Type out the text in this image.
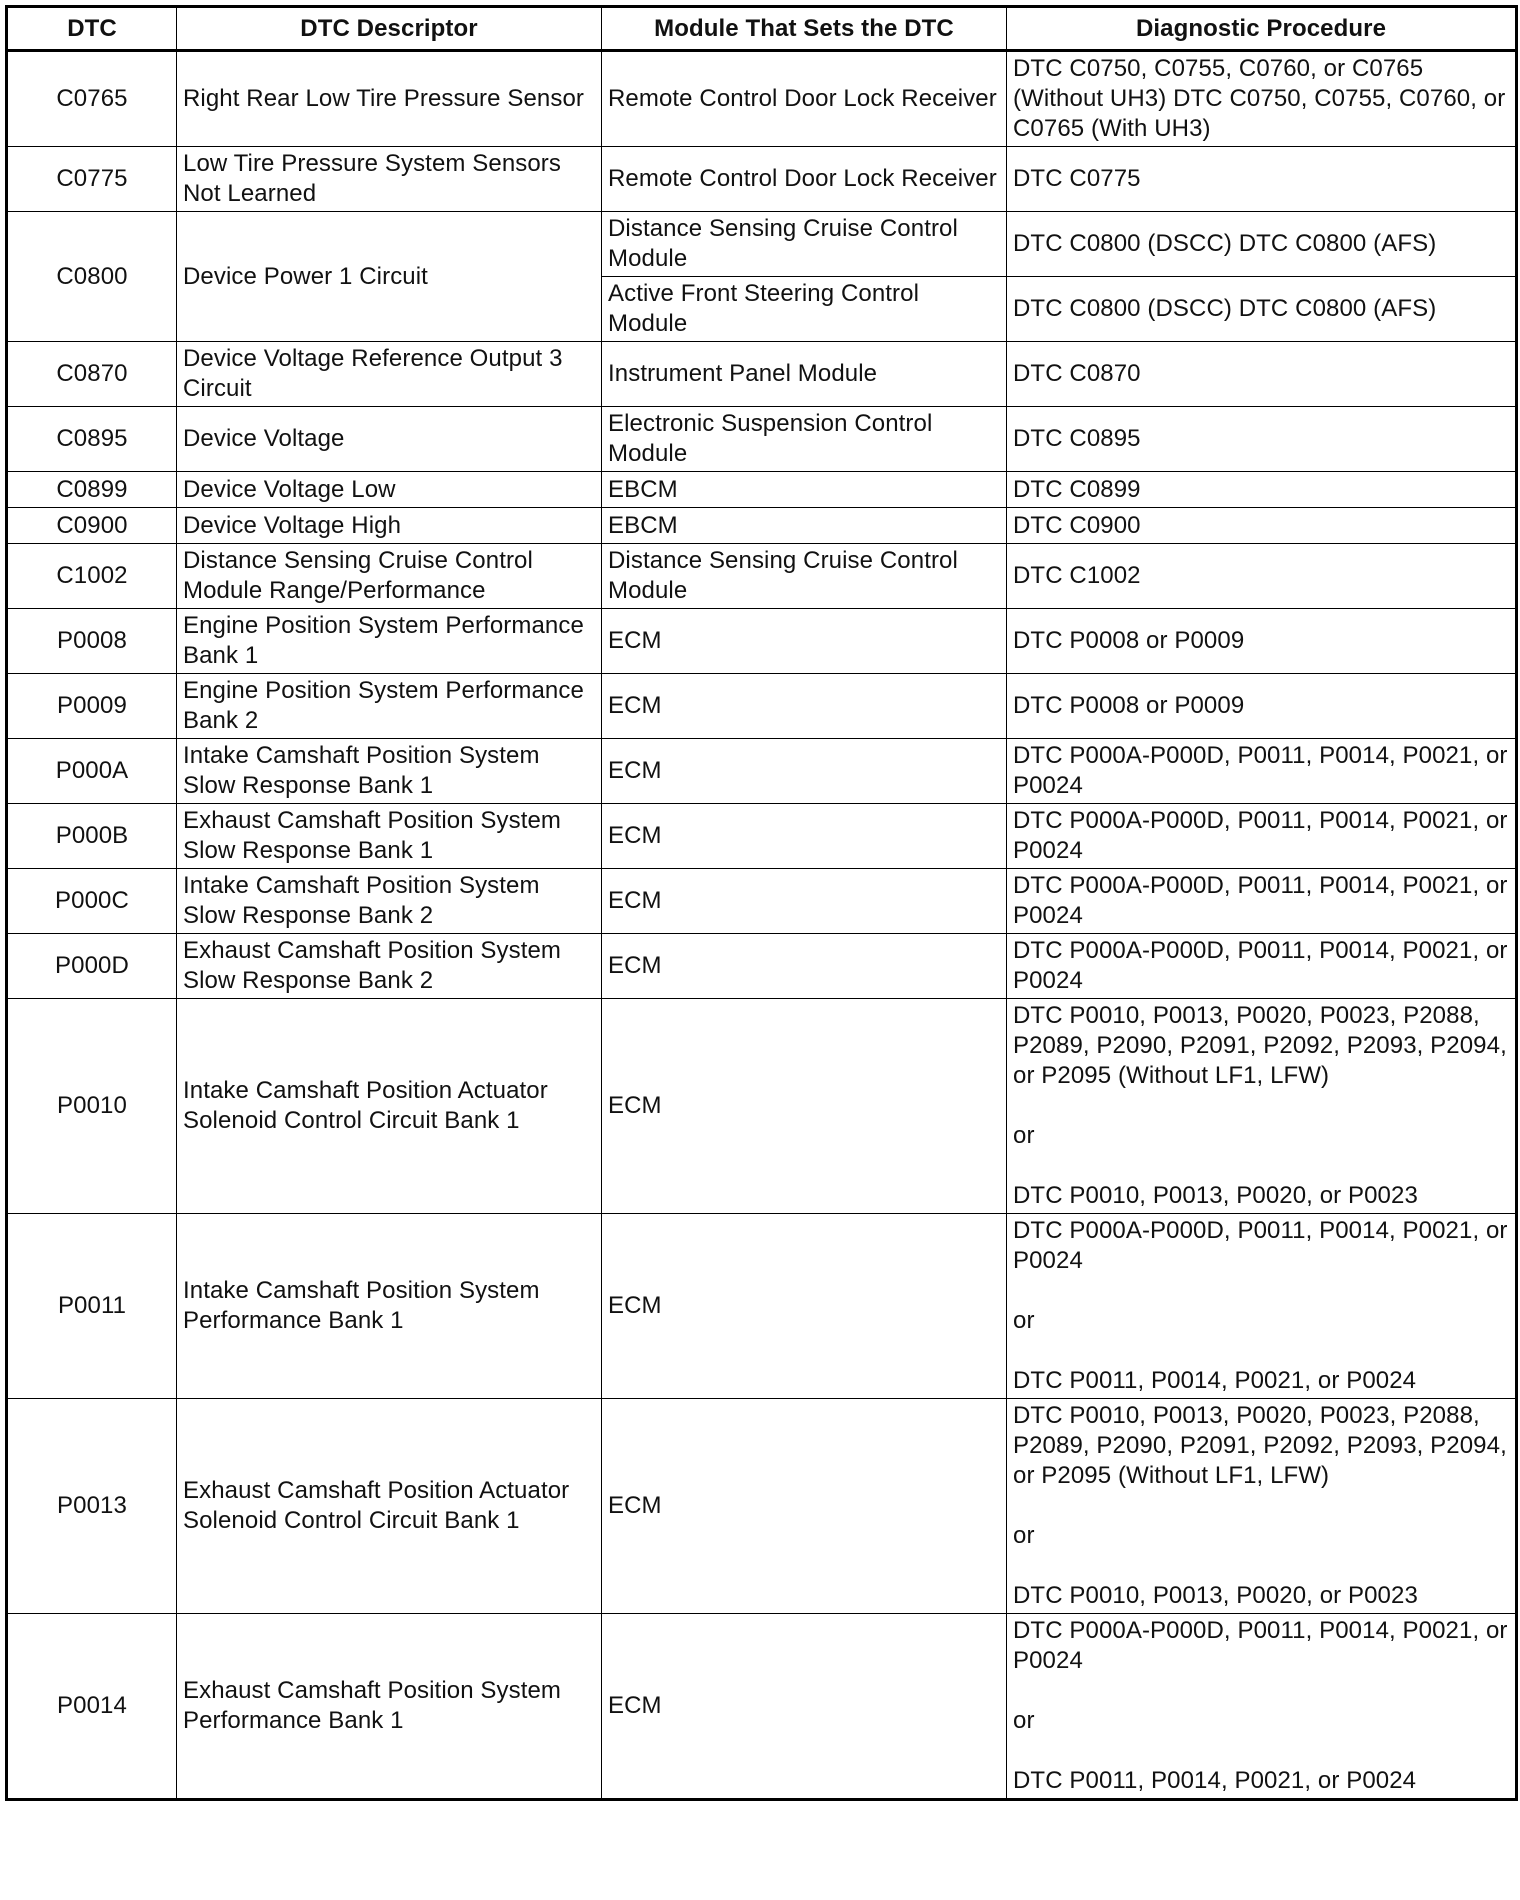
DTC	DTC Descriptor	Module That Sets the DTC	Diagnostic Procedure
C0765	Right Rear Low Tire Pressure Sensor	Remote Control Door Lock Receiver	DTC C0750, C0755, C0760, or C0765 (Without UH3) DTC C0750, C0755, C0760, or C0765 (With UH3)
C0775	Low Tire Pressure System Sensors Not Learned	Remote Control Door Lock Receiver	DTC C0775
C0800	Device Power 1 Circuit	Distance Sensing Cruise Control Module	DTC C0800 (DSCC) DTC C0800 (AFS)
		Active Front Steering Control Module	DTC C0800 (DSCC) DTC C0800 (AFS)
C0870	Device Voltage Reference Output 3 Circuit	Instrument Panel Module	DTC C0870
C0895	Device Voltage	Electronic Suspension Control Module	DTC C0895
C0899	Device Voltage Low	EBCM	DTC C0899
C0900	Device Voltage High	EBCM	DTC C0900
C1002	Distance Sensing Cruise Control Module Range/Performance	Distance Sensing Cruise Control Module	DTC C1002
P0008	Engine Position System Performance Bank 1	ECM	DTC P0008 or P0009
P0009	Engine Position System Performance Bank 2	ECM	DTC P0008 or P0009
P000A	Intake Camshaft Position System Slow Response Bank 1	ECM	DTC P000A-P000D, P0011, P0014, P0021, or P0024
P000B	Exhaust Camshaft Position System Slow Response Bank 1	ECM	DTC P000A-P000D, P0011, P0014, P0021, or P0024
P000C	Intake Camshaft Position System Slow Response Bank 2	ECM	DTC P000A-P000D, P0011, P0014, P0021, or P0024
P000D	Exhaust Camshaft Position System Slow Response Bank 2	ECM	DTC P000A-P000D, P0011, P0014, P0021, or P0024
P0010	Intake Camshaft Position Actuator Solenoid Control Circuit Bank 1	ECM	DTC P0010, P0013, P0020, P0023, P2088, P2089, P2090, P2091, P2092, P2093, P2094, or P2095 (Without LF1, LFW)

or

DTC P0010, P0013, P0020, or P0023
P0011	Intake Camshaft Position System Performance Bank 1	ECM	DTC P000A-P000D, P0011, P0014, P0021, or P0024

or

DTC P0011, P0014, P0021, or P0024
P0013	Exhaust Camshaft Position Actuator Solenoid Control Circuit Bank 1	ECM	DTC P0010, P0013, P0020, P0023, P2088, P2089, P2090, P2091, P2092, P2093, P2094, or P2095 (Without LF1, LFW)

or

DTC P0010, P0013, P0020, or P0023
P0014	Exhaust Camshaft Position System Performance Bank 1	ECM	DTC P000A-P000D, P0011, P0014, P0021, or P0024

or

DTC P0011, P0014, P0021, or P0024
